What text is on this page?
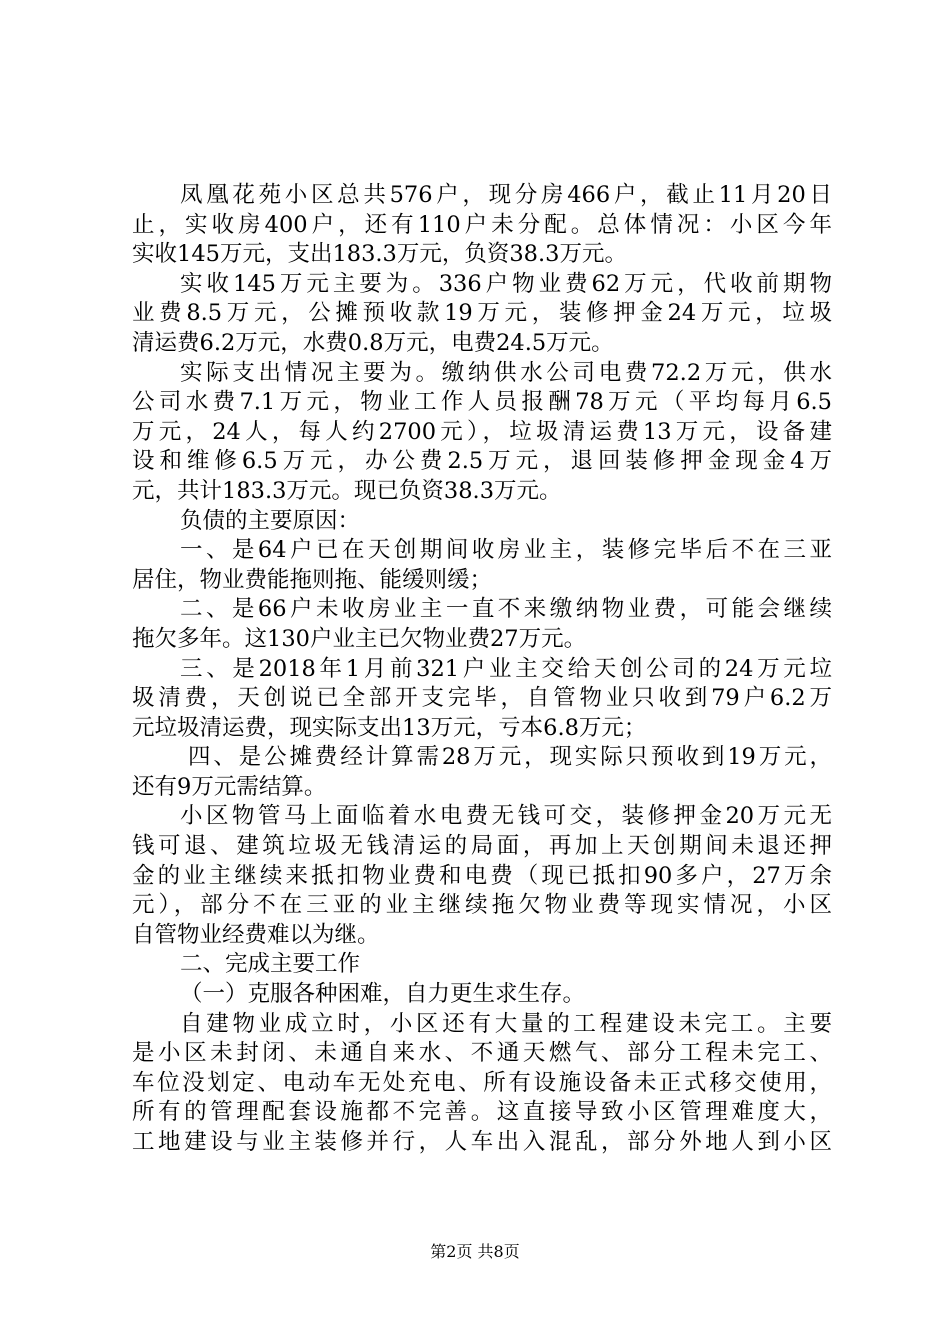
凤凰花苑小区总共576户，现分房466户，截止11月20日
止，实收房400户，还有110户未分配。总体情况：小区今年
实收145万元，支出183.3万元，负资38.3万元。
实收145万元主要为。336户物业费62万元，代收前期物
业费8.5万元，公摊预收款19万元，装修押金24万元，垃圾
清运费6.2万元，水费0.8万元，电费24.5万元。
实际支出情况主要为。缴纳供水公司电费72.2万元，供水
公司水费7.1万元，物业工作人员报酬78万元（平均每月6.5
万元，24人，每人约2700元），垃圾清运费13万元，设备建
设和维修6.5万元，办公费2.5万元，退回装修押金现金4万
元，共计183.3万元。现已负资38.3万元。
负债的主要原因：
一、是64户已在天创期间收房业主，装修完毕后不在三亚
居住，物业费能拖则拖、能缓则缓；
二、是66户未收房业主一直不来缴纳物业费，可能会继续
拖欠多年。这130户业主已欠物业费27万元。
三、是2018年1月前321户业主交给天创公司的24万元垃
圾清费，天创说已全部开支完毕，自管物业只收到79户6.2万
元垃圾清运费，现实际支出13万元，亏本6.8万元；
四、是公摊费经计算需28万元，现实际只预收到19万元，
还有9万元需结算。
小区物管马上面临着水电费无钱可交，装修押金20万元无
钱可退、建筑垃圾无钱清运的局面，再加上天创期间未退还押
金的业主继续来抵扣物业费和电费（现已抵扣90多户，27万余
元），部分不在三亚的业主继续拖欠物业费等现实情况，小区
自管物业经费难以为继。
二、完成主要工作
（一）克服各种困难，自力更生求生存。
自建物业成立时，小区还有大量的工程建设未完工。主要
是小区未封闭、未通自来水、不通天燃气、部分工程未完工、
车位没划定、电动车无处充电、所有设施设备未正式移交使用，
所有的管理配套设施都不完善。这直接导致小区管理难度大，
工地建设与业主装修并行，人车出入混乱，部分外地人到小区
第2页 共8页
